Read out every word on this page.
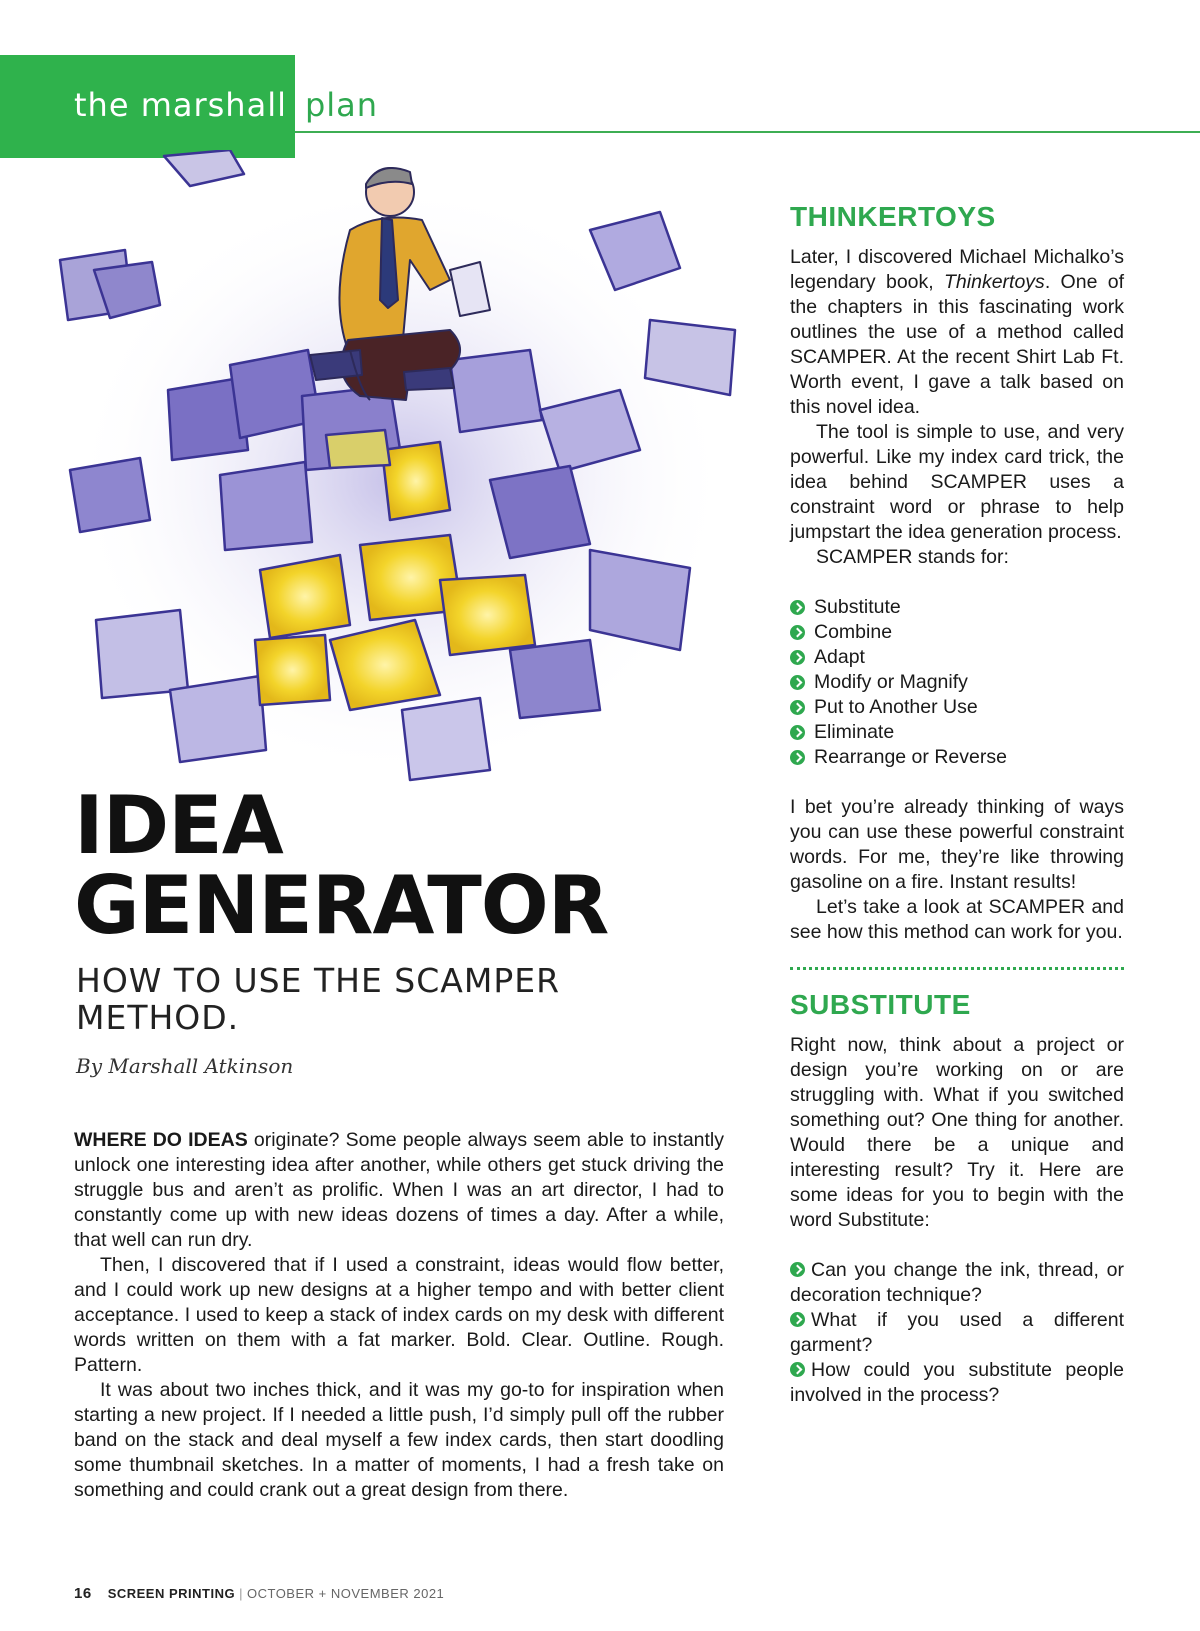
the marshall plan
IDEA
GENERATOR
HOW TO USE THE SCAMPER METHOD.

By Marshall Atkinson

WHERE DO IDEAS originate? Some people always seem able to instantly unlock one interesting idea after another, while others get stuck driving the struggle bus and aren’t as prolific. When I was an art director, I had to constantly come up with new ideas dozens of times a day. After a while, that well can run dry.

Then, I discovered that if I used a constraint, ideas would flow better, and I could work up new designs at a higher tempo and with better client acceptance. I used to keep a stack of index cards on my desk with different words written on them with a fat marker. Bold. Clear. Outline. Rough. Pattern.

It was about two inches thick, and it was my go-to for inspiration when starting a new project. If I needed a little push, I’d simply pull off the rubber band on the stack and deal myself a few index cards, then start doodling some thumbnail sketches. In a matter of moments, I had a fresh take on something and could crank out a great design from there.

THINKERTOYS

Later, I discovered Michael Michalko’s legendary book, Thinkertoys. One of the chapters in this fascinating work outlines the use of a method called SCAMPER. At the recent Shirt Lab Ft. Worth event, I gave a talk based on this novel idea.

The tool is simple to use, and very powerful. Like my index card trick, the idea behind SCAMPER uses a constraint word or phrase to help jumpstart the idea generation process.

SCAMPER stands for:

Substitute
Combine
Adapt
Modify or Magnify
Put to Another Use
Eliminate
Rearrange or Reverse

I bet you’re already thinking of ways you can use these powerful constraint words. For me, they’re like throwing gasoline on a fire. Instant results!

Let’s take a look at SCAMPER and see how this method can work for you.

SUBSTITUTE

Right now, think about a project or design you’re working on or are struggling with. What if you switched something out? One thing for another. Would there be a unique and interesting result? Try it. Here are some ideas for you to begin with the word Substitute:

Can you change the ink, thread, or decoration technique?
What if you used a different garment?
How could you substitute people involved in the process?
16 SCREEN PRINTING | OCTOBER + NOVEMBER 2021
